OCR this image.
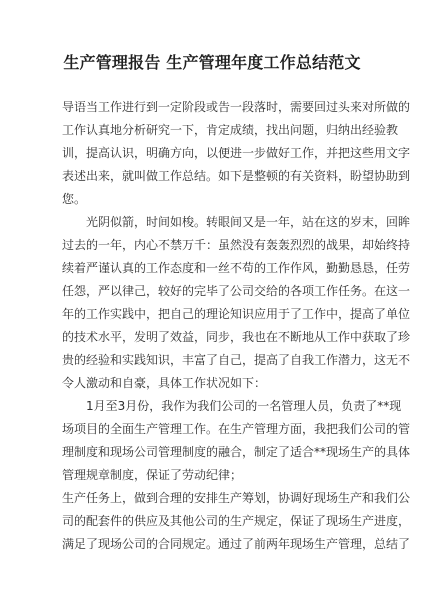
生产管理报告 生产管理年度工作总结范文
导语当工作进行到一定阶段或告一段落时，需要回过头来对所做的
工作认真地分析研究一下，肯定成绩，找出问题，归纳出经验教
训，提高认识，明确方向，以便进一步做好工作，并把这些用文字
表述出来，就叫做工作总结。如下是整顿的有关资料，盼望协助到
您。
光阴似箭，时间如梭。转眼间又是一年，站在这的岁末，回眸
过去的一年，内心不禁万千：虽然没有轰轰烈烈的战果，却始终持
续着严谨认真的工作态度和一丝不苟的工作作风，勤勤恳恳，任劳
任怨，严以律己，较好的完毕了公司交给的各项工作任务。在这一
年的工作实践中，把自己的理论知识应用于了工作中，提高了单位
的技术水平，发明了效益，同步，我也在不断地从工作中获取了珍
贵的经验和实践知识，丰富了自己，提高了自我工作潜力，这无不
令人激动和自豪，具体工作状况如下：
1月至3月份，我作为我们公司的一名管理人员，负责了**现
场项目的全面生产管理工作。在生产管理方面，我把我们公司的管
理制度和现场公司管理制度的融合，制定了适合**现场生产的具体
管理规章制度，保证了劳动纪律；
生产任务上，做到合理的安排生产筹划，协调好现场生产和我们公
司的配套件的供应及其他公司的生产规定，保证了现场生产进度，
满足了现场公司的合同规定。通过了前两年现场生产管理，总结了
